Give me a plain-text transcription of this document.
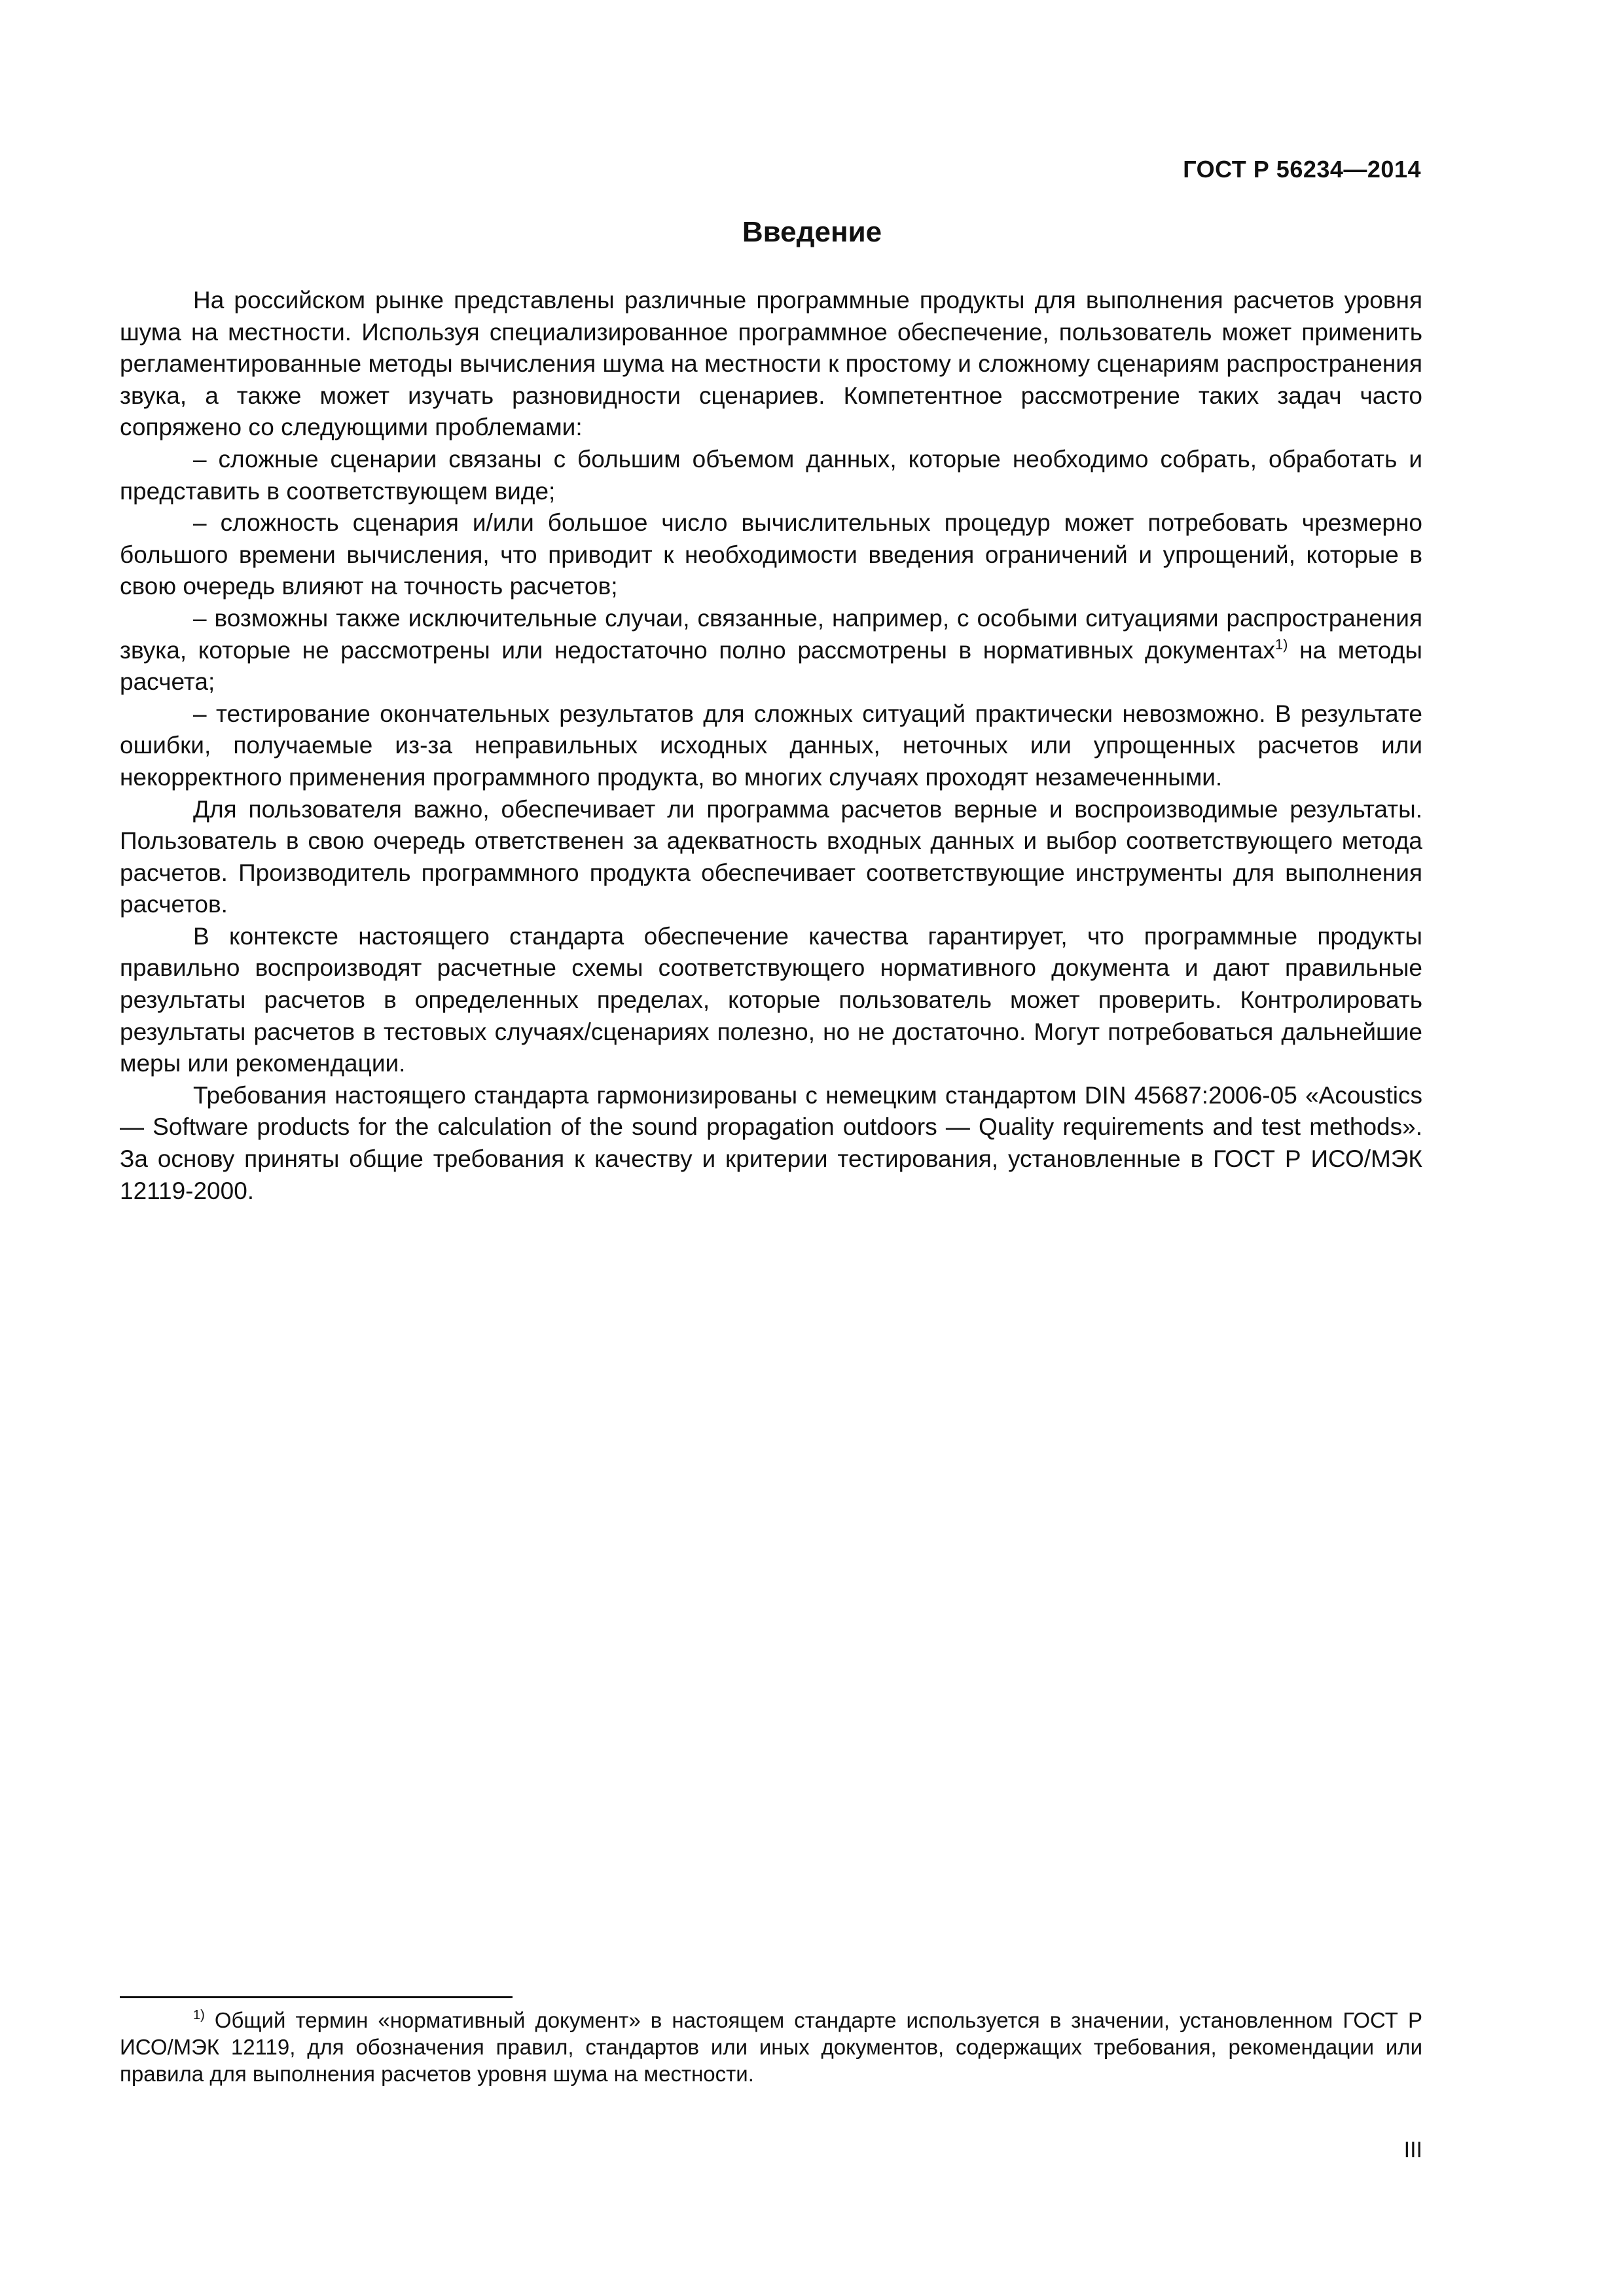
ГОСТ Р 56234—2014
Введение

На российском рынке представлены различные программные продукты для выполнения расчетов уровня шума на местности. Используя специализированное программное обеспечение, пользователь может применить регламентированные методы вычисления шума на местности к простому и сложному сценариям распространения звука, а также может изучать разновидности сценариев. Компетентное рассмотрение таких задач часто сопряжено со следующими проблемами:

– сложные сценарии связаны с большим объемом данных, которые необходимо собрать, обработать и представить в соответствующем виде;

– сложность сценария и/или большое число вычислительных процедур может потребовать чрезмерно большого времени вычисления, что приводит к необходимости введения ограничений и упрощений, которые в свою очередь влияют на точность расчетов;

– возможны также исключительные случаи, связанные, например, с особыми ситуациями распространения звука, которые не рассмотрены или недостаточно полно рассмотрены в нормативных документах$^{1)}$ на методы расчета;

– тестирование окончательных результатов для сложных ситуаций практически невозможно. В результате ошибки, получаемые из-за неправильных исходных данных, неточных или упрощенных расчетов или некорректного применения программного продукта, во многих случаях проходят незамеченными.

Для пользователя важно, обеспечивает ли программа расчетов верные и воспроизводимые результаты. Пользователь в свою очередь ответственен за адекватность входных данных и выбор соответствующего метода расчетов. Производитель программного продукта обеспечивает соответствующие инструменты для выполнения расчетов.

В контексте настоящего стандарта обеспечение качества гарантирует, что программные продукты правильно воспроизводят расчетные схемы соответствующего нормативного документа и дают правильные результаты расчетов в определенных пределах, которые пользователь может проверить. Контролировать результаты расчетов в тестовых случаях/сценариях полезно, но не достаточно. Могут потребоваться дальнейшие меры или рекомендации.

Требования настоящего стандарта гармонизированы с немецким стандартом DIN 45687:2006-05 «Acoustics — Software products for the calculation of the sound propagation outdoors — Quality requirements and test methods». За основу приняты общие требования к качеству и критерии тестирования, установленные в ГОСТ Р ИСО/МЭК 12119-2000.

$^{1)}$ Общий термин «нормативный документ» в настоящем стандарте используется в значении, установленном ГОСТ Р ИСО/МЭК 12119, для обозначения правил, стандартов или иных документов, содержащих требования, рекомендации или правила для выполнения расчетов уровня шума на местности.
III
